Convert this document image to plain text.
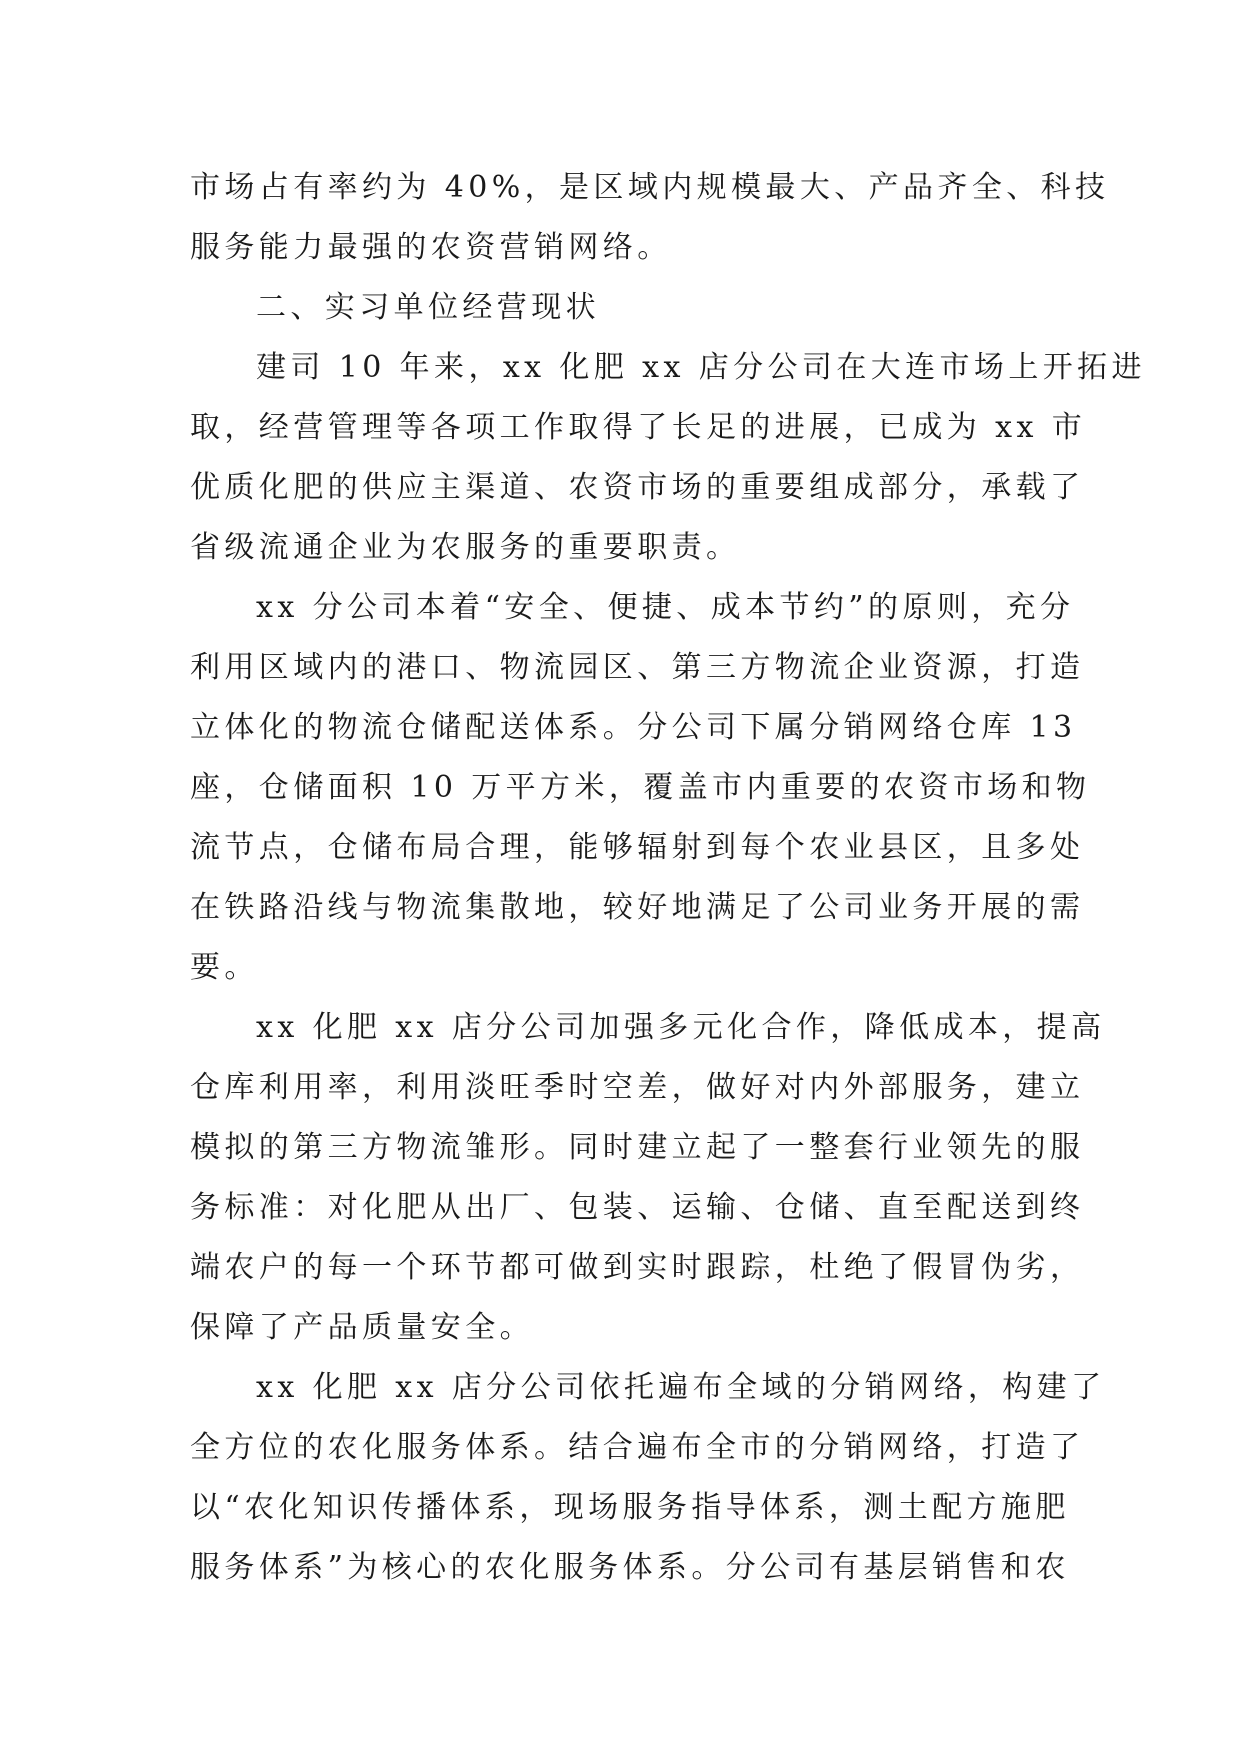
市场占有率约为 40%，是区域内规模最大、产品齐全、科技
服务能力最强的农资营销网络。
二、实习单位经营现状
建司 10 年来，xx 化肥 xx 店分公司在大连市场上开拓进
取，经营管理等各项工作取得了长足的进展，已成为 xx 市
优质化肥的供应主渠道、农资市场的重要组成部分，承载了
省级流通企业为农服务的重要职责。
xx 分公司本着“安全、便捷、成本节约”的原则，充分
利用区域内的港口、物流园区、第三方物流企业资源，打造
立体化的物流仓储配送体系。分公司下属分销网络仓库 13
座，仓储面积 10 万平方米，覆盖市内重要的农资市场和物
流节点，仓储布局合理，能够辐射到每个农业县区，且多处
在铁路沿线与物流集散地，较好地满足了公司业务开展的需
要。
xx 化肥 xx 店分公司加强多元化合作，降低成本，提高
仓库利用率，利用淡旺季时空差，做好对内外部服务，建立
模拟的第三方物流雏形。同时建立起了一整套行业领先的服
务标准：对化肥从出厂、包装、运输、仓储、直至配送到终
端农户的每一个环节都可做到实时跟踪，杜绝了假冒伪劣，
保障了产品质量安全。
xx 化肥 xx 店分公司依托遍布全域的分销网络，构建了
全方位的农化服务体系。结合遍布全市的分销网络，打造了
以“农化知识传播体系，现场服务指导体系，测土配方施肥
服务体系”为核心的农化服务体系。分公司有基层销售和农
